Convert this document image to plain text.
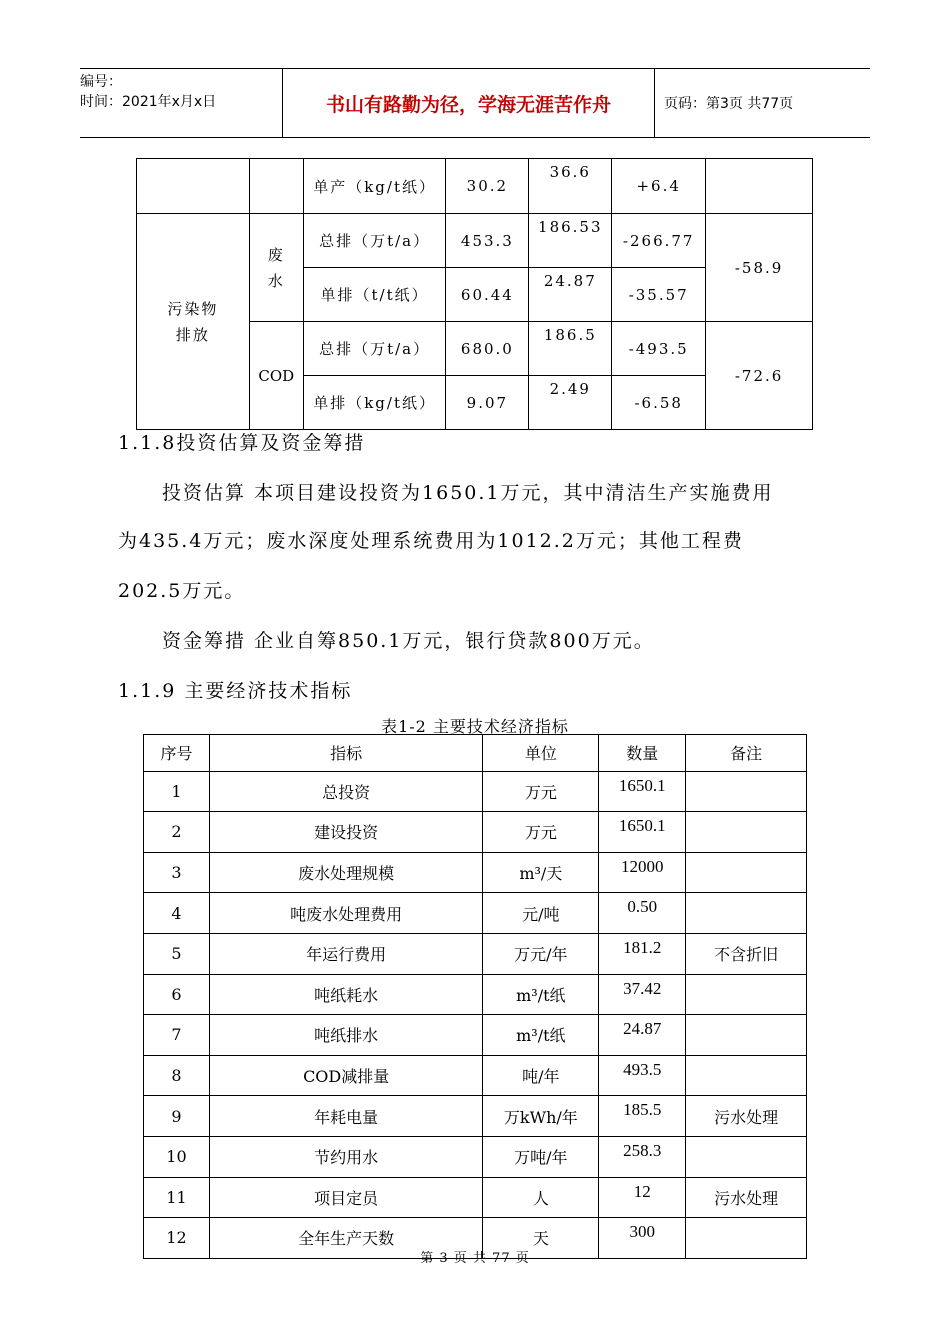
编号：
时间：2021年x月x日	书山有路勤为径，学海无涯苦作舟	页码：第3页 共77页
		单产（kg/t纸）	30.2	36.6	+6.4	
污染物排放	废水	总排（万t/a）	453.3	186.53	-266.77	-58.9
		单排（t/t纸）	60.44	24.87	-35.57	
	COD	总排（万t/a）	680.0	186.5	-493.5	-72.6
		单排（kg/t纸）	9.07	2.49	-6.58	
1.1.8投资估算及资金筹措
投资估算 本项目建设投资为1650.1万元，其中清洁生产实施费用
为435.4万元；废水深度处理系统费用为1012.2万元；其他工程费
202.5万元。
资金筹措 企业自筹850.1万元，银行贷款800万元。
1.1.9 主要经济技术指标
表1-2 主要技术经济指标
序号	指标	单位	数量	备注
1	总投资	万元	1650.1	
2	建设投资	万元	1650.1	
3	废水处理规模	m³/天	12000	
4	吨废水处理费用	元/吨	0.50	
5	年运行费用	万元/年	181.2	不含折旧
6	吨纸耗水	m³/t纸	37.42	
7	吨纸排水	m³/t纸	24.87	
8	COD减排量	吨/年	493.5	
9	年耗电量	万kWh/年	185.5	污水处理
10	节约用水	万吨/年	258.3	
11	项目定员	人	12	污水处理
12	全年生产天数	天	300	
第 3 页 共 77 页
